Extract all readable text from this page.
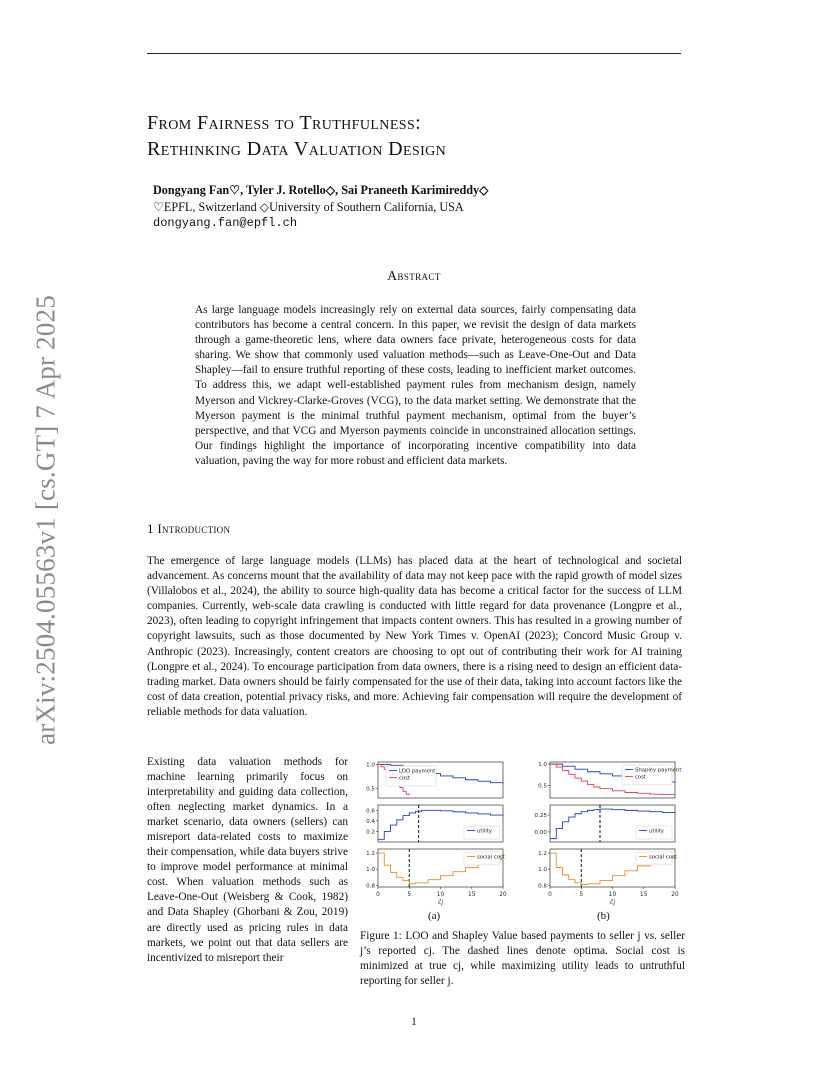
arXiv:2504.05563v1 [cs.GT] 7 Apr 2025
From Fairness to Truthfulness:
Rethinking Data Valuation Design
Dongyang Fan♡, Tyler J. Rotello◇, Sai Praneeth Karimireddy◇
♡EPFL, Switzerland ◇University of Southern California, USA
dongyang.fan@epfl.ch
Abstract
As large language models increasingly rely on external data sources, fairly compensating data contributors has become a central concern. In this paper, we revisit the design of data markets through a game-theoretic lens, where data owners face private, heterogeneous costs for data sharing. We show that commonly used valuation methods—such as Leave-One-Out and Data Shapley—fail to ensure truthful reporting of these costs, leading to inefficient market outcomes. To address this, we adapt well-established payment rules from mechanism design, namely Myerson and Vickrey-Clarke-Groves (VCG), to the data market setting. We demonstrate that the Myerson payment is the minimal truthful payment mechanism, optimal from the buyer’s perspective, and that VCG and Myerson payments coincide in unconstrained allocation settings. Our findings highlight the importance of incorporating incentive compatibility into data valuation, paving the way for more robust and efficient data markets.
1 Introduction
The emergence of large language models (LLMs) has placed data at the heart of technological and societal advancement. As concerns mount that the availability of data may not keep pace with the rapid growth of model sizes (Villalobos et al., 2024), the ability to source high-quality data has become a critical factor for the success of LLM companies. Currently, web-scale data crawling is conducted with little regard for data provenance (Longpre et al., 2023), often leading to copyright infringement that impacts content owners. This has resulted in a growing number of copyright lawsuits, such as those documented by New York Times v. OpenAI (2023); Concord Music Group v. Anthropic (2023). Increasingly, content creators are choosing to opt out of contributing their work for AI training (Longpre et al., 2024). To encourage participation from data owners, there is a rising need to design an efficient data-trading market. Data owners should be fairly compensated for the use of their data, taking into account factors like the cost of data creation, potential privacy risks, and more. Achieving fair compensation will require the development of reliable methods for data valuation.
Existing data valuation methods for machine learning primarily focus on interpretability and guiding data collection, often neglecting market dynamics. In a market scenario, data owners (sellers) can misreport data-related costs to maximize their compensation, while data buyers strive to improve model performance at minimal cost. When valuation methods such as Leave-One-Out (Weisberg & Cook, 1982) and Data Shapley (Ghorbani & Zou, 2019) are directly used as pricing rules in data markets, we point out that data sellers are incentivized to misreport their
1.0
0.5
LOO payment
cost
0.6
0.4
0.2	utility
1.2
1.0
0.8
0	5	10	15	20
ĉj
social cost
1.0
0.5
Shapley payment
cost
0.25
0.00	utility
1.2
1.0
0.8
0	5	10	15	20
ĉj
social cost
(a)	(b)
Figure 1: LOO and Shapley Value based payments to seller j vs. seller j’s reported cj. The dashed lines denote optima. Social cost is minimized at true cj, while maximizing utility leads to untruthful reporting for seller j.
1
